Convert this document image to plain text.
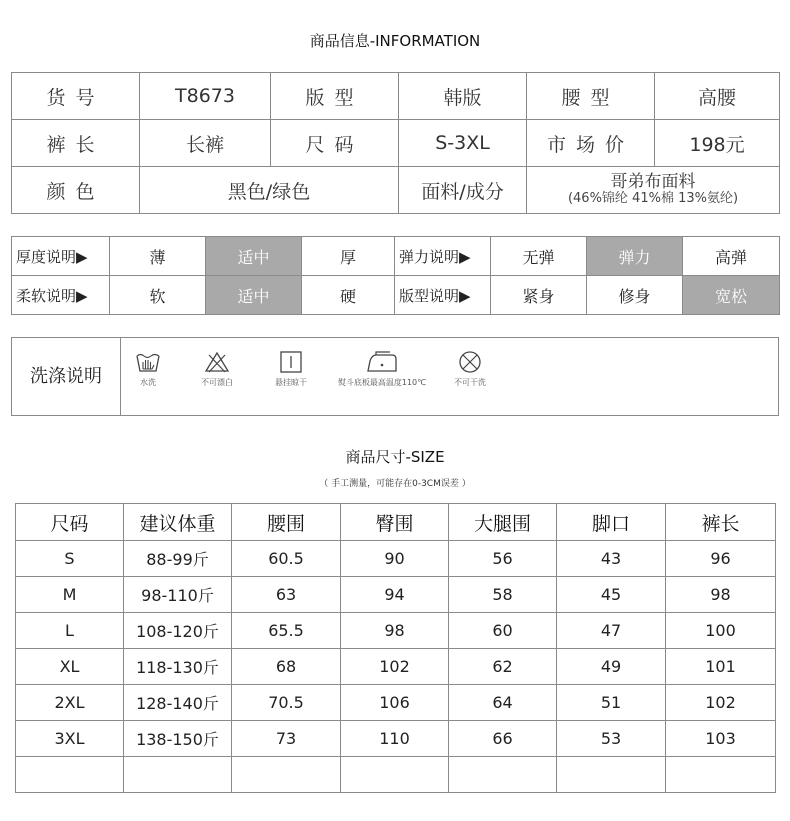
商品信息-INFORMATION
货号	T8673	版型	韩版	腰型	高腰
裤长	长裤	尺码	S-3XL	市场价	198元
颜色	黑色/绿色		面料/成分	哥弟布面料
(46%锦纶 41%棉 13%氨纶)	
厚度说明▶	薄	适中	厚	弹力说明▶	无弹	弹力	高弹
柔软说明▶	软	适中	硬	版型说明▶	紧身	修身	宽松
洗涤说明	水洗	不可漂白	悬挂晾干	熨斗底板最高温度110℃	不可干洗
商品尺寸-SIZE
（ 手工测量，可能存在0-3CM误差 ）
尺码	建议体重	腰围	臀围	大腿围	脚口	裤长
S	88-99斤	60.5	90	56	43	96
M	98-110斤	63	94	58	45	98
L	108-120斤	65.5	98	60	47	100
XL	118-130斤	68	102	62	49	101
2XL	128-140斤	70.5	106	64	51	102
3XL	138-150斤	73	110	66	53	103
